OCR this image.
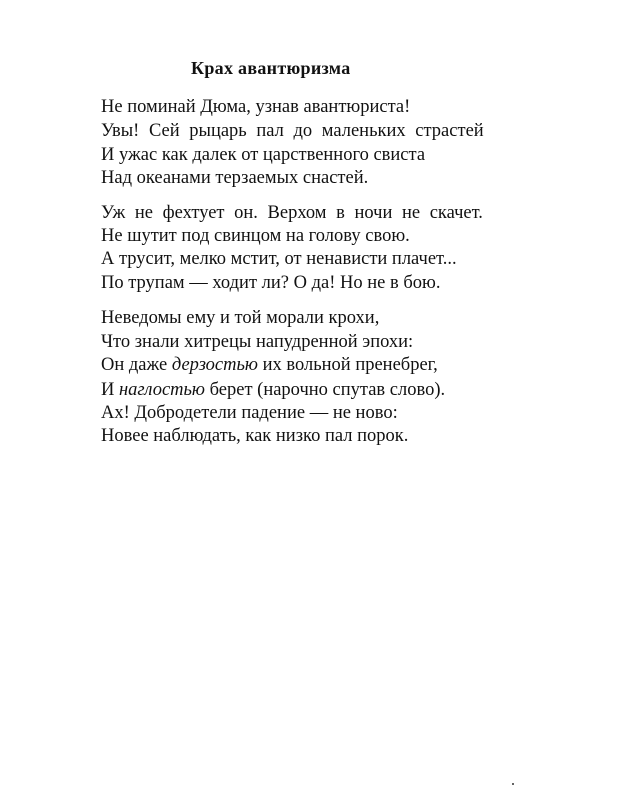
Крах авантюризма
Не поминай Дюма, узнав авантюриста!
Увы! Сей рыцарь пал до маленьких страстей
И ужас как далек от царственного свиста
Над океанами терзаемых снастей.
Уж не фехтует он. Верхом в ночи не скачет.
Не шутит под свинцом на голову свою.
А трусит, мелко мстит, от ненависти плачет...
По трупам — ходит ли? О да! Но не в бою.
Неведомы ему и той морали крохи,
Что знали хитрецы напудренной эпохи:
Он даже дерзостью их вольной пренебрег,
И наглостью берет (нарочно спутав слово).
Ах! Добродетели падение — не ново:
Новее наблюдать, как низко пал порок.
